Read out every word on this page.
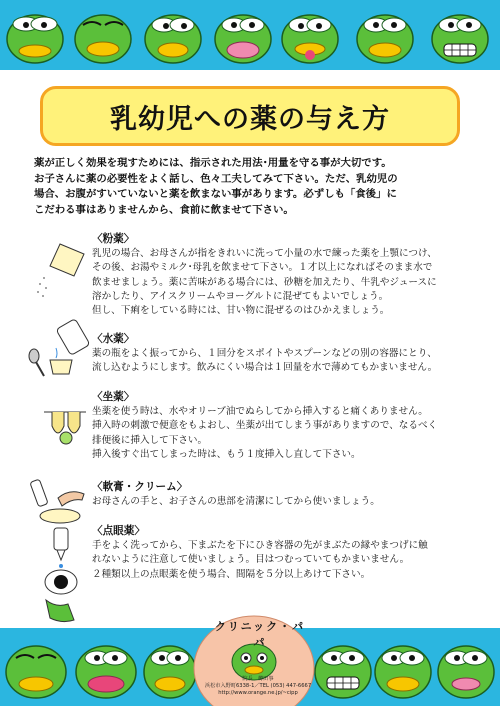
乳幼児への薬の与え方

薬が正しく効果を現すためには、指示された用法･用量を守る事が大切です。

お子さんに薬の必要性をよく話し、色々工夫してみて下さい。ただ、乳幼児の

場合、お腹がすいていないと薬を飲まない事があります。必ずしも「食後」に

こだわる事はありませんから、食前に飲ませて下さい。

〈粉薬〉

乳児の場合、お母さんが指をきれいに洗って小量の水で練った薬を上顎につけ、

その後、お湯やミルク･母乳を飲ませて下さい。１才以上になればそのまま水で

飲ませましょう。薬に苦味がある場合には、砂糖を加えたり、牛乳やジュースに

溶かしたり、アイスクリームやヨーグルトに混ぜてもよいでしょう。

但し、下痢をしている時には、甘い物に混ぜるのはひかえましょう。

〈水薬〉

薬の瓶をよく振ってから、１回分をスポイトやスプーンなどの別の容器にとり、

流し込むようにします。飲みにくい場合は１回量を水で薄めてもかまいません。

〈坐薬〉

坐薬を使う時は、水やオリーブ油でぬらしてから挿入すると痛くありません。

挿入時の刺激で便意をもよおし、坐薬が出てしまう事がありますので、なるべく

排便後に挿入して下さい。

挿入後すぐ出てしまった時は、もう１度挿入し直して下さい。

〈軟膏・クリーム〉

お母さんの手と、お子さんの患部を清潔にしてから使いましょう。

〈点眼薬〉

手をよく洗ってから、下まぶたを下にひき容器の先がまぶたの縁やまつげに触

れないように注意して使いましょう。目はつむっていてもかまいません。

２種類以上の点眼薬を使う場合、間隔を５分以上あけて下さい。

クリニック・パパ
院長　樽田事
浜松市入野町6338-1／TEL (053) 447-6667
http://www.orange.ne.jp/~cipp
